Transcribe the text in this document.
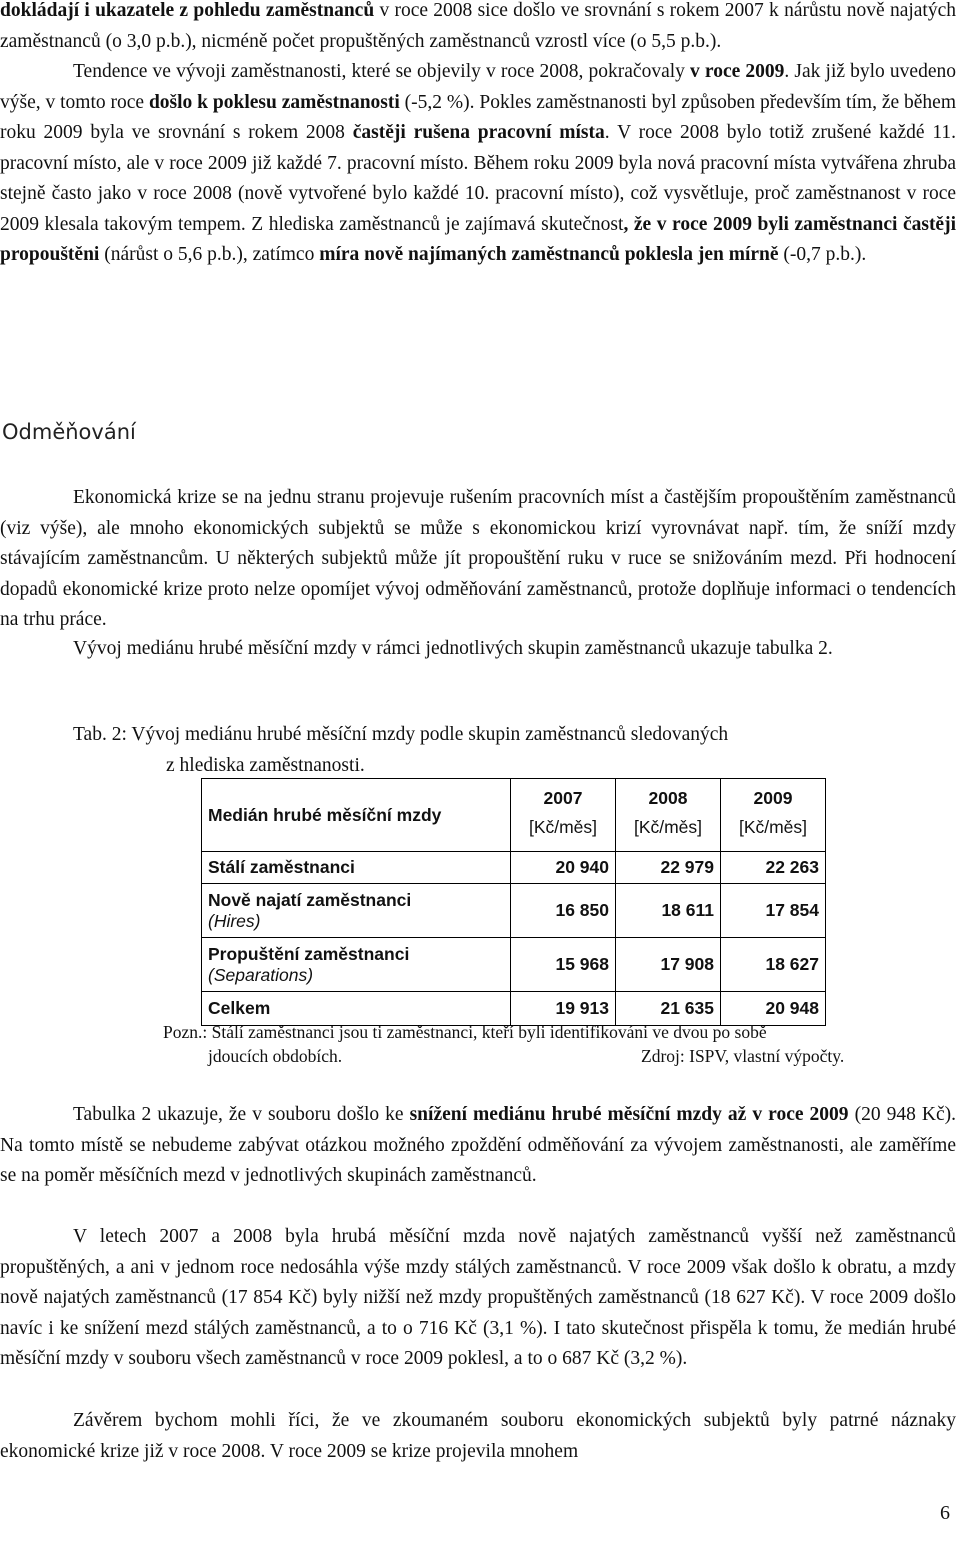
dokládají i ukazatele z pohledu zaměstnanců v roce 2008 sice došlo ve srovnání s rokem 2007 k nárůstu nově najatých zaměstnanců (o 3,0 p.b.), nicméně počet propuštěných zaměstnanců vzrostl více (o 5,5 p.b.).
Tendence ve vývoji zaměstnanosti, které se objevily v roce 2008, pokračovaly v roce 2009. Jak již bylo uvedeno výše, v tomto roce došlo k poklesu zaměstnanosti (-5,2 %). Pokles zaměstnanosti byl způsoben především tím, že během roku 2009 byla ve srovnání s rokem 2008 častěji rušena pracovní místa. V roce 2008 bylo totiž zrušené každé 11. pracovní místo, ale v roce 2009 již každé 7. pracovní místo. Během roku 2009 byla nová pracovní místa vytvářena zhruba stejně často jako v roce 2008 (nově vytvořené bylo každé 10. pracovní místo), což vysvětluje, proč zaměstnanost v roce 2009 klesala takovým tempem. Z hlediska zaměstnanců je zajímavá skutečnost, že v roce 2009 byli zaměstnanci častěji propouštěni (nárůst o 5,6 p.b.), zatímco míra nově najímaných zaměstnanců poklesla jen mírně (-0,7 p.b.).

Odměňování

Ekonomická krize se na jednu stranu projevuje rušením pracovních míst a častějším propouštěním zaměstnanců (viz výše), ale mnoho ekonomických subjektů se může s ekonomickou krizí vyrovnávat např. tím, že sníží mzdy stávajícím zaměstnancům. U některých subjektů může jít propouštění ruku v ruce se snižováním mezd. Při hodnocení dopadů ekonomické krize proto nelze opomíjet vývoj odměňování zaměstnanců, protože doplňuje informaci o tendencích na trhu práce.

Vývoj mediánu hrubé měsíční mzdy v rámci jednotlivých skupin zaměstnanců ukazuje tabulka 2.

Tab. 2: Vývoj mediánu hrubé měsíční mzdy podle skupin zaměstnanců sledovaných
z hlediska zaměstnanosti.
Medián hrubé měsíční mzdy	2007	2008	2009
	[Kč/měs]	[Kč/měs]	[Kč/měs]

Stálí zaměstnanci	20 940	22 979	22 263

Nově najatí zaměstnanci
(Hires)	16 850	18 611	17 854

Propuštění zaměstnanci
(Separations)	15 968	17 908	18 627

Celkem	19 913	21 635	20 948
Pozn.: Stálí zaměstnanci jsou ti zaměstnanci, kteří byli identifikováni ve dvou po sobě
jdoucích obdobích.	Zdroj: ISPV, vlastní výpočty.

Tabulka 2 ukazuje, že v souboru došlo ke snížení mediánu hrubé měsíční mzdy až v roce 2009 (20 948 Kč). Na tomto místě se nebudeme zabývat otázkou možného zpoždění odměňování za vývojem zaměstnanosti, ale zaměříme se na poměr měsíčních mezd v jednotlivých skupinách zaměstnanců.

V letech 2007 a 2008 byla hrubá měsíční mzda nově najatých zaměstnanců vyšší než zaměstnanců propuštěných, a ani v jednom roce nedosáhla výše mzdy stálých zaměstnanců. V roce 2009 však došlo k obratu, a mzdy nově najatých zaměstnanců (17 854 Kč) byly nižší než mzdy propuštěných zaměstnanců (18 627 Kč). V roce 2009 došlo navíc i ke snížení mezd stálých zaměstnanců, a to o 716 Kč (3,1 %). I tato skutečnost přispěla k tomu, že medián hrubé měsíční mzdy v souboru všech zaměstnanců v roce 2009 poklesl, a to o 687 Kč (3,2 %).

Závěrem bychom mohli říci, že ve zkoumaném souboru ekonomických subjektů byly patrné náznaky ekonomické krize již v roce 2008. V roce 2009 se krize projevila mnohem

6
